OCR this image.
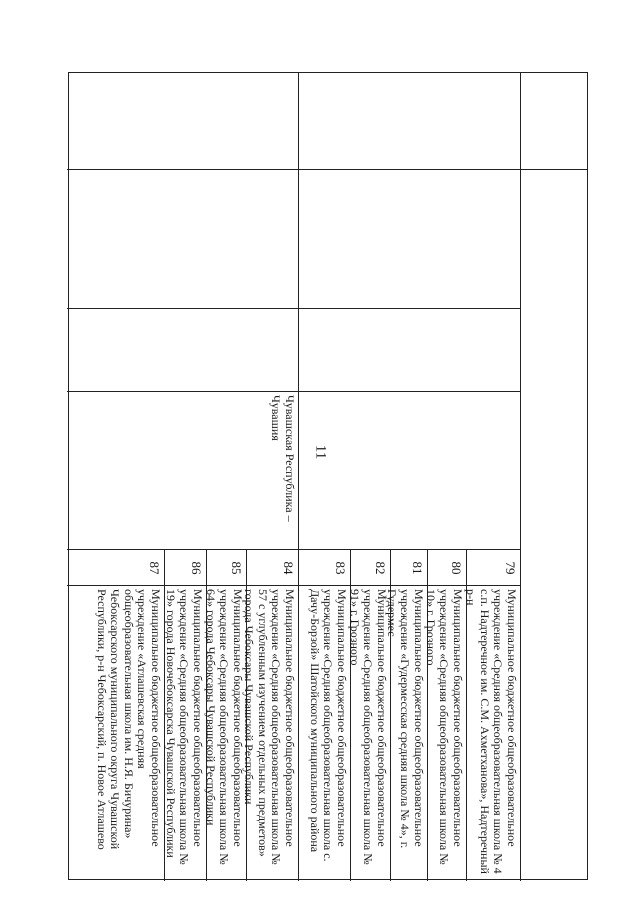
11
79
Муниципальное бюджетное общеобразовательное учреждение «Средняя общеобразовательная школа № 4 с.п. Надтеречное им. С.М. Ахметханова», Надтеречный р-н
80
Муниципальное бюджетное общеобразовательное учреждение «Средняя общеобразовательная школа № 10» г. Грозного
81
Муниципальное бюджетное общеобразовательное учреждение «Гудермесская средняя школа № 4», г. Гудермес
82
Муниципальное бюджетное общеобразовательное учреждение «Средняя общеобразовательная школа № 91» г. Грозного
83
Муниципальное бюджетное общеобразовательное учреждение «Средняя общеобразовательная школа с. Дачу-Борзой» Шатойского муниципального района
Чувашская Республика – Чувашия
84
Муниципальное бюджетное общеобразовательное учреждение «Средняя общеобразовательная школа № 57 с углубленным изучением отдельных предметов» города Чебоксары Чувашской Республики
85
Муниципальное бюджетное общеобразовательное учреждение «Средняя общеобразовательная школа № 64» города Чебоксары Чувашской Республики
86
Муниципальное бюджетное общеобразовательное учреждение «Средняя общеобразовательная школа № 19» города Новочебоксарска Чувашской Республики
87
Муниципальное бюджетное общеобразовательное учреждение «Атлашевская средняя общеобразовательная школа им. Н.Я. Бичурина» Чебоксарского муниципального округа Чувашской Республики, р-н Чебоксарский, п. Новое Атлашево
